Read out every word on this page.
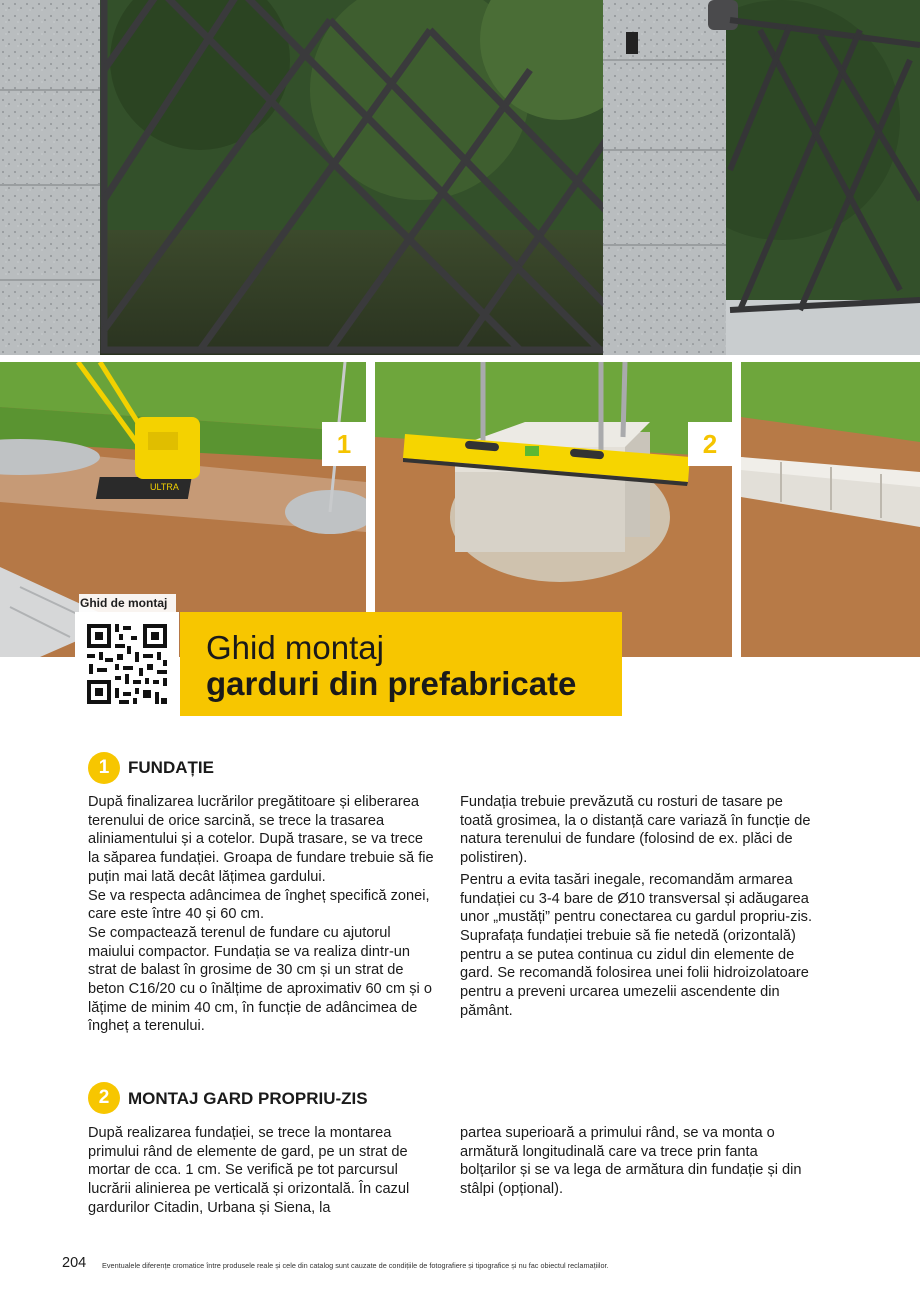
ULTRA
1	2
Ghid de montaj
Ghid montaj
garduri din prefabricate
1	FUNDAȚIE

După finalizarea lucrărilor pregătitoare și eliberarea terenului de orice sarcină, se trece la trasarea aliniamentului și a cotelor. După trasare, se va trece la săparea fundației. Groapa de fundare trebuie să fie puțin mai lată decât lățimea gardului.

Se va respecta adâncimea de îngheț specifică zonei, care este între 40 și 60 cm.

Se compactează terenul de fundare cu ajutorul maiului compactor. Fundația se va realiza dintr-un strat de balast în grosime de 30 cm și un strat de beton C16/20 cu o înălțime de aproximativ 60 cm și o lățime de minim 40 cm, în funcție de adâncimea de îngheț a terenului.

Fundația trebuie prevăzută cu rosturi de tasare pe toată grosimea, la o distanță care variază în funcție de natura terenului de fundare (folosind de ex. plăci de polistiren).

Pentru a evita tasări inegale, recomandăm armarea fundației cu 3-4 bare de Ø10 transversal și adăugarea unor „mustăți” pentru conectarea cu gardul propriu-zis. Suprafața fundației trebuie să fie netedă (orizontală) pentru a se putea continua cu zidul din elemente de gard. Se recomandă folosirea unei folii hidroizolatoare pentru a preveni urcarea umezelii ascendente din pământ.

2	MONTAJ GARD PROPRIU-ZIS

După realizarea fundației, se trece la montarea primului rând de elemente de gard, pe un strat de mortar de cca. 1 cm. Se verifică pe tot parcursul lucrării alinierea pe verticală și orizontală. În cazul gardurilor Citadin, Urbana și Siena, la

partea superioară a primului rând, se va monta o armătură longitudinală care va trece prin fanta bolțarilor și se va lega de armătura din fundație și din stâlpi (opțional).

204 Eventualele diferențe cromatice între produsele reale și cele din catalog sunt cauzate de condițiile de fotografiere și tipografice și nu fac obiectul reclamațiilor.
